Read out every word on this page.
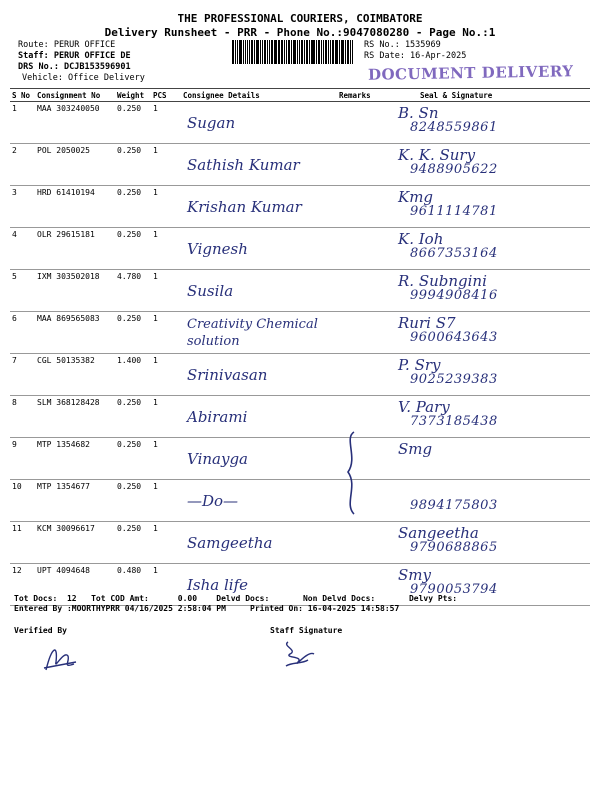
THE PROFESSIONAL COURIERS, COIMBATORE
Delivery Runsheet - PRR - Phone No.:9047080280 - Page No.:1
Route: PERUR OFFICE
Staff: PERUR OFFICE DE
DRS No.: DCJB153596901
Vehicle: Office Delivery
RS No.: 1535969
RS Date: 16-Apr-2025
DOCUMENT DELIVERY
S No	Consignment No	Weight	PCS	Consignee Details	Remarks	Seal & Signature
1	MAA 303240050	0.250	1	Sugan		B. Sn
8248559861

2	POL 2050025	0.250	1	Sathish Kumar		K. K. Sury
9488905622

3	HRD 61410194	0.250	1	Krishan Kumar		Kmg
9611114781

4	OLR 29615181	0.250	1	Vignesh		K. Ioh
8667353164

5	IXM 303502018	4.780	1	Susila		R. Subngini
9994908416

6	MAA 869565083	0.250	1	Creativity Chemical solution		Ruri S7
9600643643

7	CGL 50135382	1.400	1	Srinivasan		P. Sry
9025239383

8	SLM 368128428	0.250	1	Abirami		V. Pary
7373185438

9	MTP 1354682	0.250	1	Vinayga		Smg

10	MTP 1354677	0.250	1	—Do—		9894175803

11	KCM 30096617	0.250	1	Samgeetha		Sangeetha
9790688865

12	UPT 4094648	0.480	1	Isha life		Smy
9790053794
Tot Docs:  12   Tot COD Amt:      0.00    Delvd Docs:       Non Delvd Docs:       Delvy Pts:
Entered By :MOORTHYPRR 04/16/2025 2:58:04 PM     Printed On: 16-04-2025 14:58:57
Verified By	Staff Signature
